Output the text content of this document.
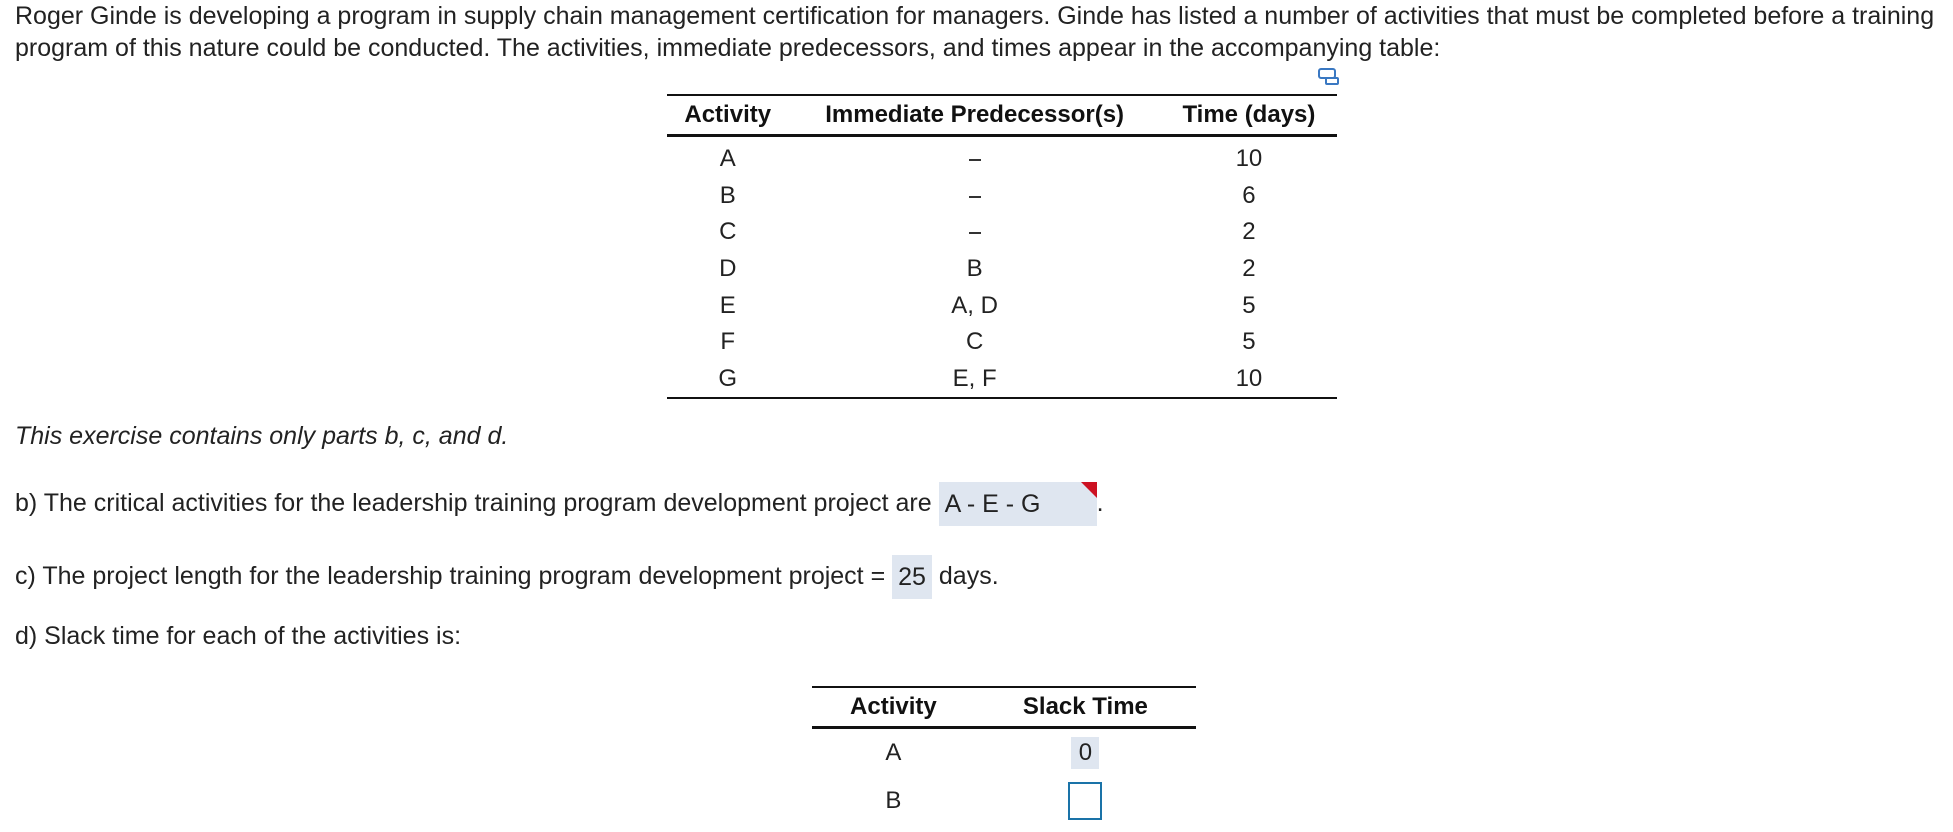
Roger Ginde is developing a program in supply chain management certification for managers. Ginde has listed a number of activities that must be completed before a training program of this nature could be conducted. The activities, immediate predecessors, and times appear in the accompanying table:

Activity	Immediate Predecessor(s)	Time (days)
A		10
B		6
C		2
D	B	2
E	A, D	5
F	C	5
G	E, F	10

This exercise contains only parts b, c, and d.

b) The critical activities for the leadership training program development project are A - E - G .

c) The project length for the leadership training program development project = 25 days.

d) Slack time for each of the activities is:

Activity	Slack Time
A	0
B	
